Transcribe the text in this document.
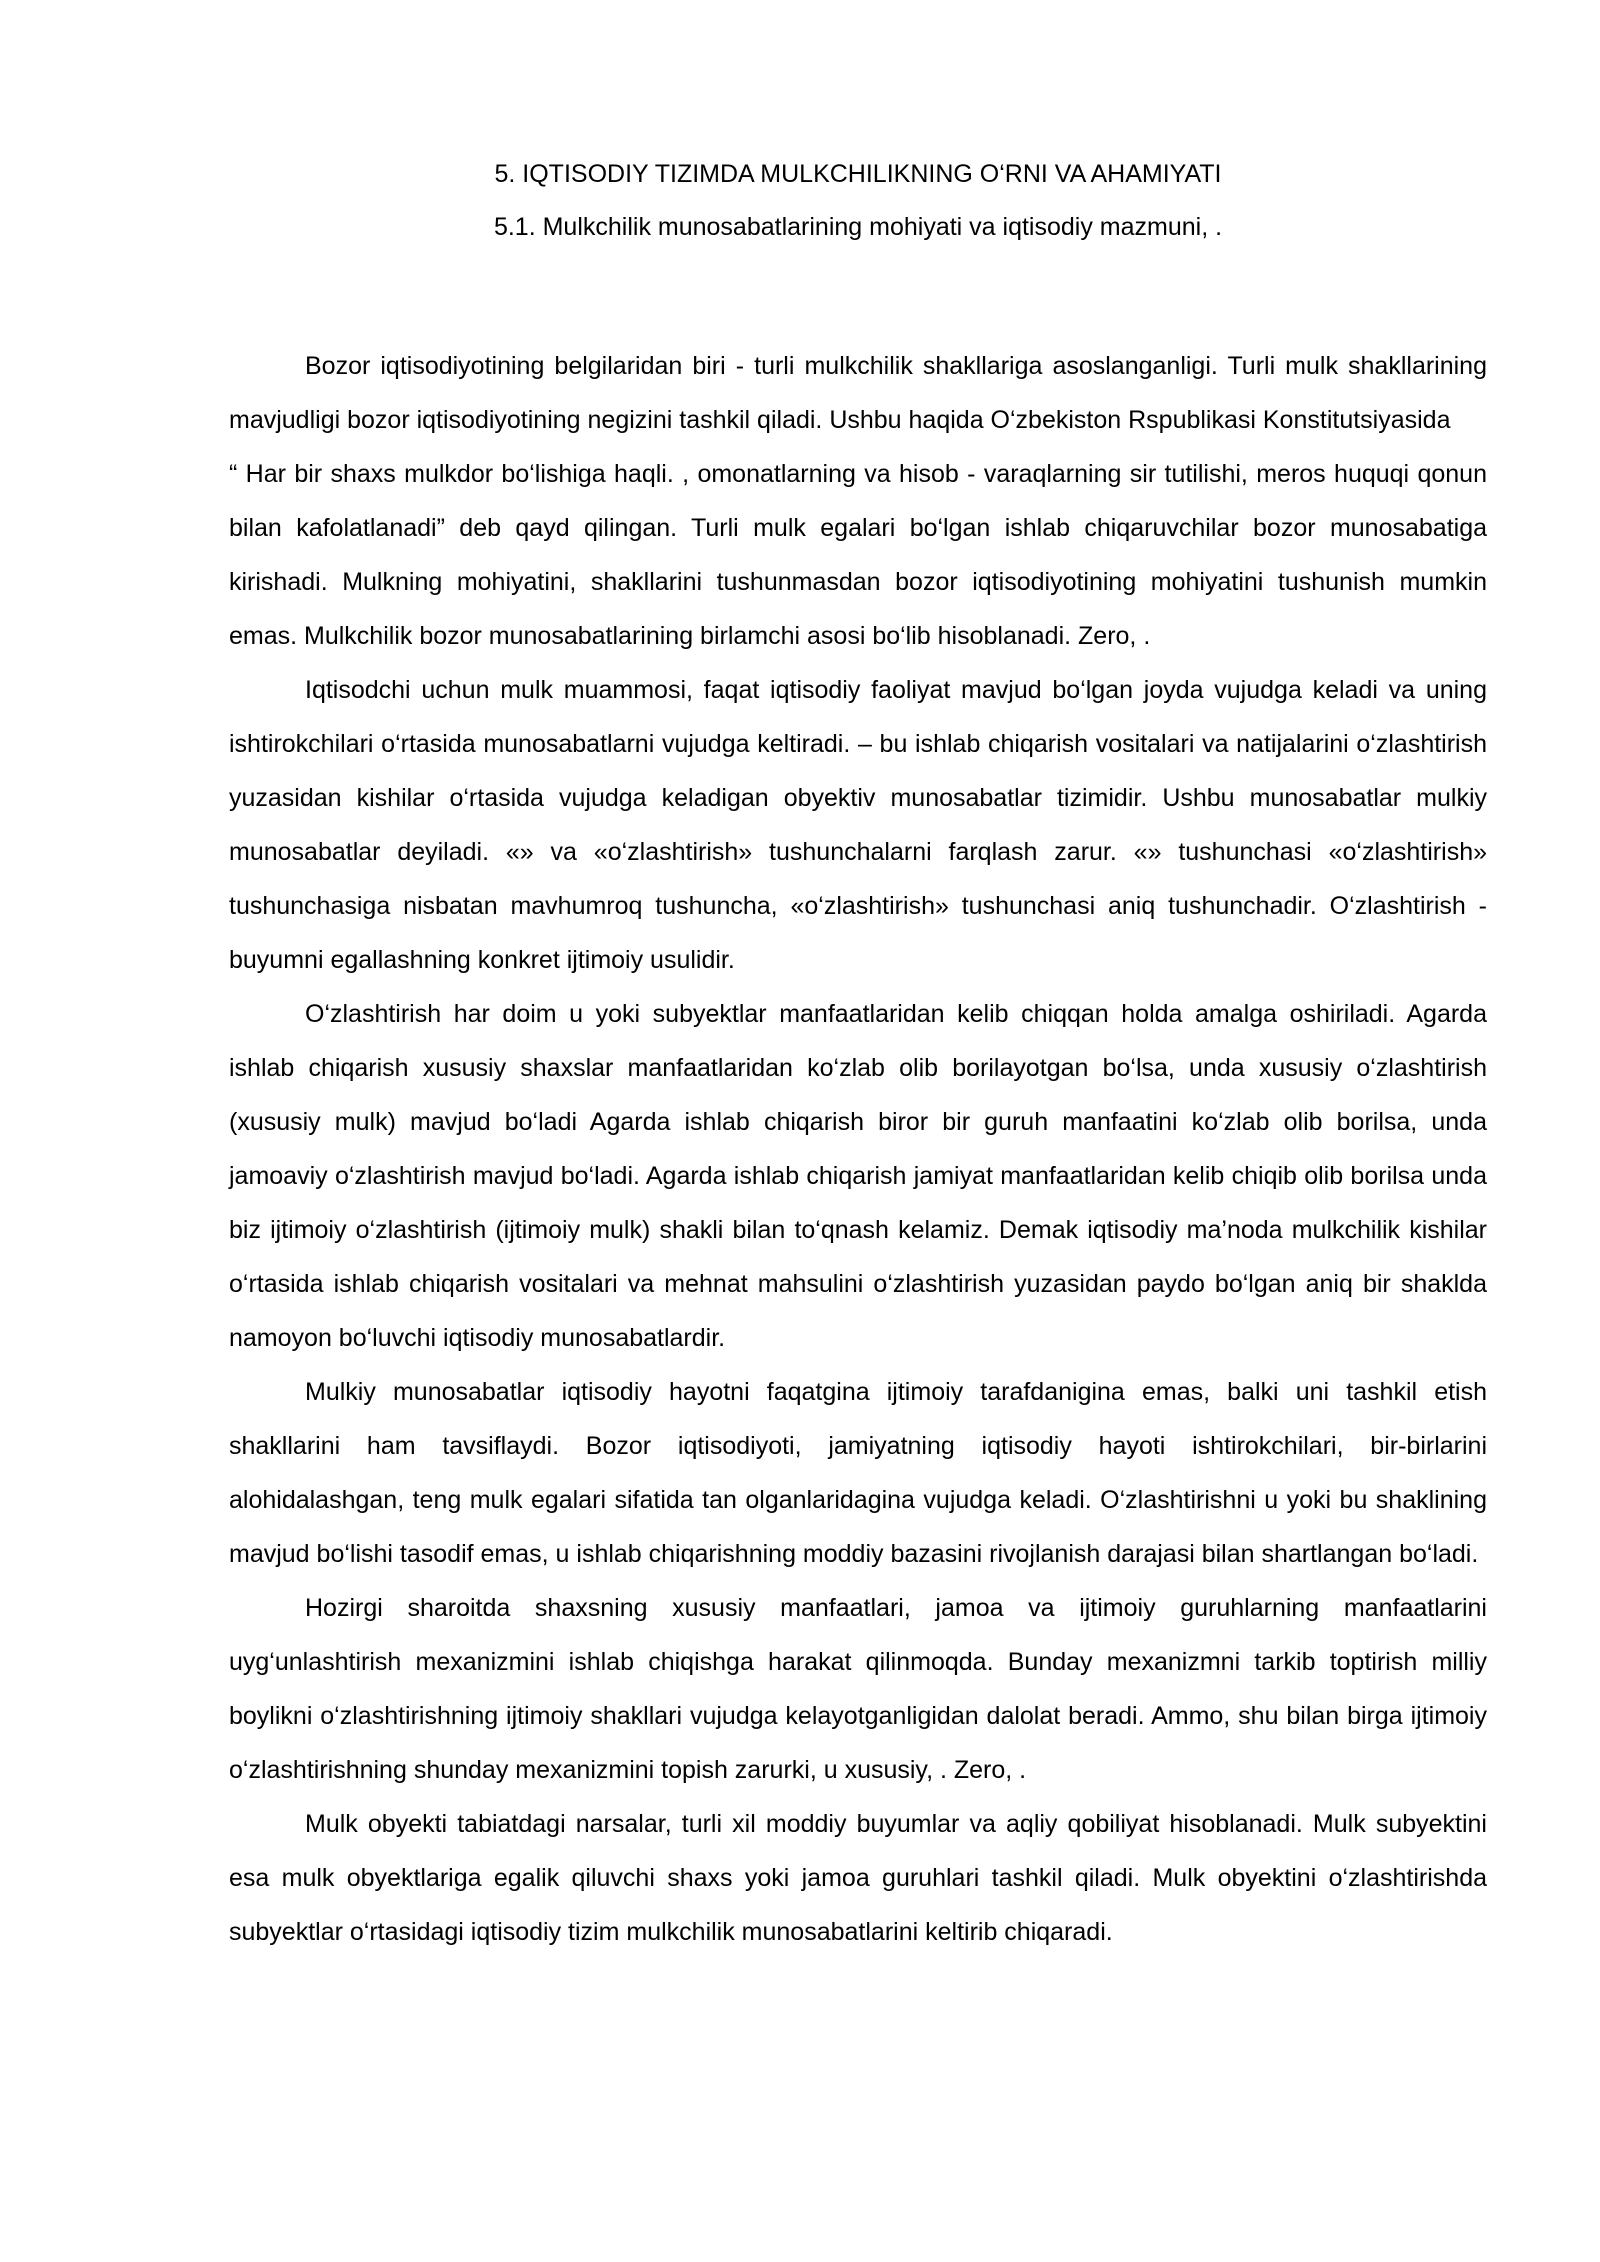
5. IQTISODIY TIZIMDA MULKCHILIKNING O‘RNI VA AHAMIYATI
5.1. Mulkchilik munosabatlarining mohiyati va iqtisodiy mazmuni, .

Bozor iqtisodiyotining belgilaridan biri - turli mulkchilik shakllariga asoslanganligi. Turli mulk shakllarining mavjudligi bozor iqtisodiyotining negizini tashkil qiladi. Ushbu haqida O‘zbekiston Rspublikasi Konstitutsiyasida

“ Har bir shaxs mulkdor bo‘lishiga haqli. , omonatlarning va hisob - varaqlarning sir tutilishi, meros huquqi qonun bilan kafolatlanadi” deb qayd qilingan. Turli mulk egalari bo‘lgan ishlab chiqaruvchilar bozor munosabatiga kirishadi. Mulkning mohiyatini, shakllarini tushunmasdan bozor iqtisodiyotining mohiyatini tushunish mumkin emas. Mulkchilik bozor munosabatlarining birlamchi asosi bo‘lib hisoblanadi. Zero, .

Iqtisodchi uchun mulk muammosi, faqat iqtisodiy faoliyat mavjud bo‘lgan joyda vujudga keladi va uning ishtirokchilari o‘rtasida munosabatlarni vujudga keltiradi. – bu ishlab chiqarish vositalari va natijalarini o‘zlashtirish yuzasidan kishilar o‘rtasida vujudga keladigan obyektiv munosabatlar tizimidir. Ushbu munosabatlar mulkiy munosabatlar deyiladi. «» va «o‘zlashtirish» tushunchalarni farqlash zarur. «» tushunchasi «o‘zlashtirish» tushunchasiga nisbatan mavhumroq tushuncha, «o‘zlashtirish» tushunchasi aniq tushunchadir. O‘zlashtirish - buyumni egallashning konkret ijtimoiy usulidir.

O‘zlashtirish har doim u yoki subyektlar manfaatlaridan kelib chiqqan holda amalga oshiriladi. Agarda ishlab chiqarish xususiy shaxslar manfaatlaridan ko‘zlab olib borilayotgan bo‘lsa, unda xususiy o‘zlashtirish (xususiy mulk) mavjud bo‘ladi Agarda ishlab chiqarish biror bir guruh manfaatini ko‘zlab olib borilsa, unda jamoaviy o‘zlashtirish mavjud bo‘ladi. Agarda ishlab chiqarish jamiyat manfaatlaridan kelib chiqib olib borilsa unda biz ijtimoiy o‘zlashtirish (ijtimoiy mulk) shakli bilan to‘qnash kelamiz. Demak iqtisodiy ma’noda mulkchilik kishilar o‘rtasida ishlab chiqarish vositalari va mehnat mahsulini o‘zlashtirish yuzasidan paydo bo‘lgan aniq bir shaklda namoyon bo‘luvchi iqtisodiy munosabatlardir.

Mulkiy munosabatlar iqtisodiy hayotni faqatgina ijtimoiy tarafdanigina emas, balki uni tashkil etish shakllarini ham tavsiflaydi. Bozor iqtisodiyoti, jamiyatning iqtisodiy hayoti ishtirokchilari, bir-birlarini alohidalashgan, teng mulk egalari sifatida tan olganlaridagina vujudga keladi. O‘zlashtirishni u yoki bu shaklining mavjud bo‘lishi tasodif emas, u ishlab chiqarishning moddiy bazasini rivojlanish darajasi bilan shartlangan bo‘ladi.

Hozirgi sharoitda shaxsning xususiy manfaatlari, jamoa va ijtimoiy guruhlarning manfaatlarini uyg‘unlashtirish mexanizmini ishlab chiqishga harakat qilinmoqda. Bunday mexanizmni tarkib toptirish milliy boylikni o‘zlashtirishning ijtimoiy shakllari vujudga kelayotganligidan dalolat beradi. Ammo, shu bilan birga ijtimoiy o‘zlashtirishning shunday mexanizmini topish zarurki, u xususiy, . Zero, .

Mulk obyekti tabiatdagi narsalar, turli xil moddiy buyumlar va aqliy qobiliyat hisoblanadi. Mulk subyektini esa mulk obyektlariga egalik qiluvchi shaxs yoki jamoa guruhlari tashkil qiladi. Mulk obyektini o‘zlashtirishda subyektlar o‘rtasidagi iqtisodiy tizim mulkchilik munosabatlarini keltirib chiqaradi.
